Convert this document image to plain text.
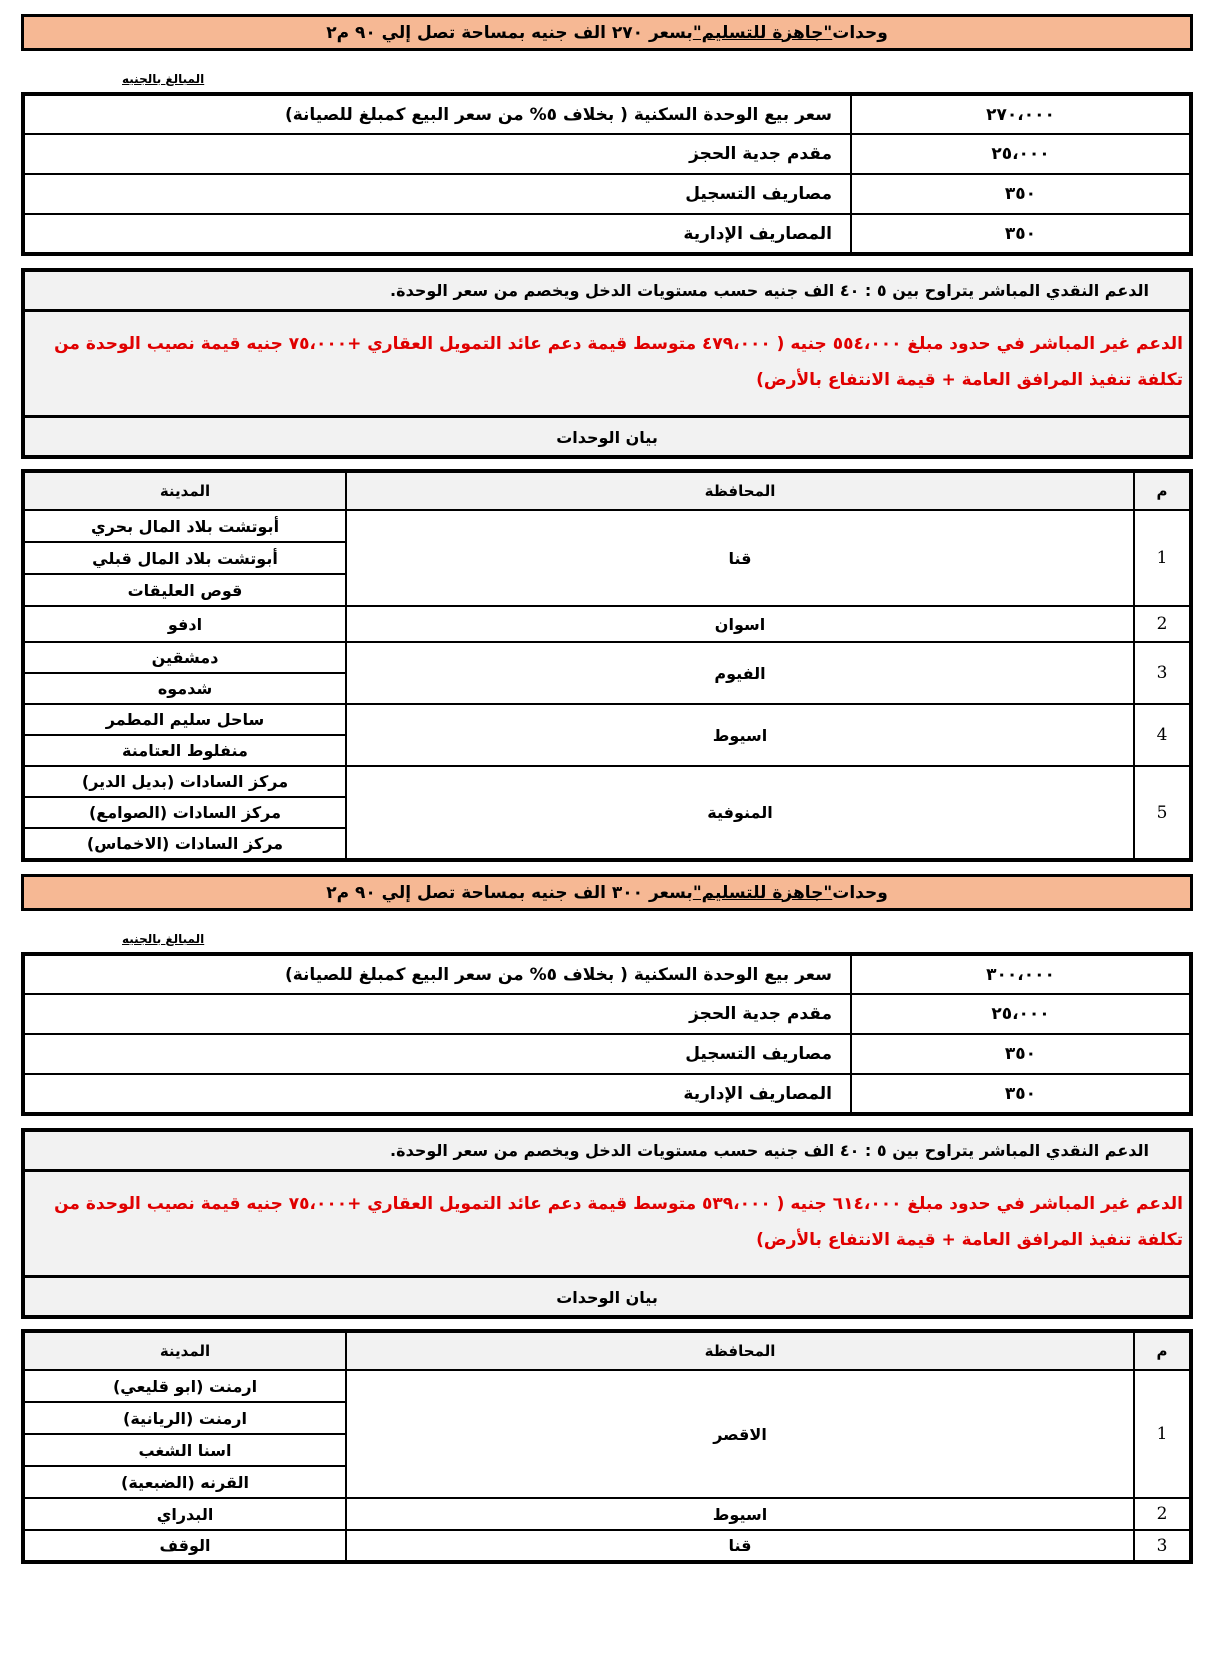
وحدات
"جاهزة للتسليم"
بسعر ٢٧٠ الف جنيه بمساحة تصل إلي ٩٠ م٢
المبالغ بالجنيه
سعر بيع الوحدة السكنية ( بخلاف ٥% من سعر البيع كمبلغ للصيانة)	٢٧٠،٠٠٠
مقدم جدية الحجز	٢٥،٠٠٠
مصاريف التسجيل	٣٥٠
المصاريف الإدارية	٣٥٠
الدعم النقدي المباشر يتراوح بين ٥ : ٤٠ الف جنيه حسب مستويات الدخل ويخصم من سعر الوحدة.
الدعم غير المباشر في حدود مبلغ ٥٥٤،٠٠٠ جنيه ( ٤٧٩،٠٠٠ متوسط قيمة دعم عائد التمويل العقاري +٧٥،٠٠٠ جنيه قيمة نصيب الوحدة من تكلفة تنفيذ المرافق العامة + قيمة الانتفاع بالأرض)
بيان الوحدات
المدينة	المحافظة	م
أبوتشت بلاد المال بحري	قنا	1
أبوتشت بلاد المال قبلي		
قوص العليقات		
ادفو	اسوان	2
دمشقين	الفيوم	3
شدموه		
ساحل سليم المطمر	اسيوط	4
منفلوط العتامنة		
مركز السادات (بديل الدير)	المنوفية	5
مركز السادات (الصوامع)		
مركز السادات (الاخماس)		
وحدات
"جاهزة للتسليم"
بسعر ٣٠٠ الف جنيه بمساحة تصل إلي ٩٠ م٢
المبالغ بالجنيه
سعر بيع الوحدة السكنية ( بخلاف ٥% من سعر البيع كمبلغ للصيانة)	٣٠٠،٠٠٠
مقدم جدية الحجز	٢٥،٠٠٠
مصاريف التسجيل	٣٥٠
المصاريف الإدارية	٣٥٠
الدعم النقدي المباشر يتراوح بين ٥ : ٤٠ الف جنيه حسب مستويات الدخل ويخصم من سعر الوحدة.
الدعم غير المباشر في حدود مبلغ ٦١٤،٠٠٠ جنيه ( ٥٣٩،٠٠٠ متوسط قيمة دعم عائد التمويل العقاري +٧٥،٠٠٠ جنيه قيمة نصيب الوحدة من تكلفة تنفيذ المرافق العامة + قيمة الانتفاع بالأرض)
بيان الوحدات
المدينة	المحافظة	م
ارمنت (ابو قليعي)	الاقصر	1
ارمنت (الريانية)		
اسنا الشغب		
القرنه (الضبعية)		
البدراي	اسيوط	2
الوقف	قنا	3
